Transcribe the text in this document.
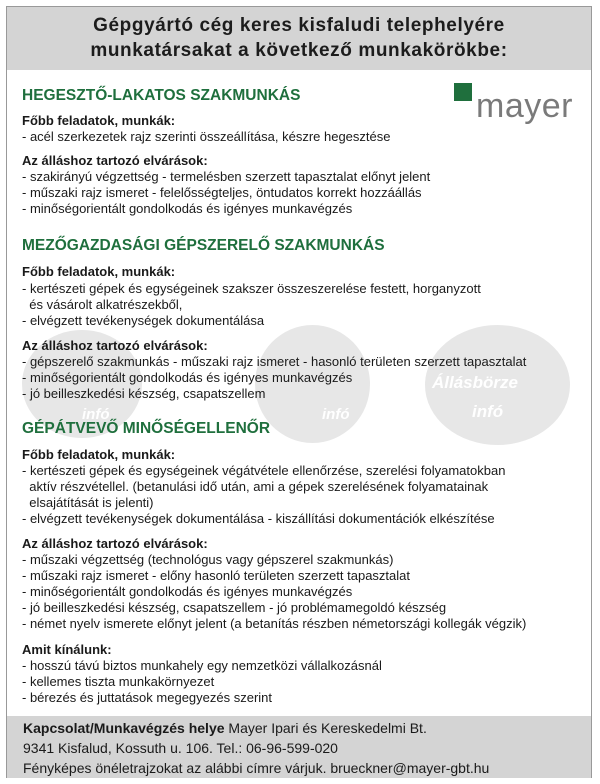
Gépgyártó cég keres kisfaludi telephelyére
munkatársakat a következő munkakörökbe:
Állásbörze
infó
infó	infó
mayer
HEGESZTŐ-LAKATOS SZAKMUNKÁS
Főbb feladatok, munkák:
- acél szerkezetek rajz szerinti összeállítása, készre hegesztése
Az álláshoz tartozó elvárások:
- szakirányú végzettség - termelésben szerzett tapasztalat előnyt jelent
- műszaki rajz ismeret - felelősségteljes, öntudatos korrekt hozzáállás
- minőségorientált gondolkodás és igényes munkavégzés
MEZŐGAZDASÁGI GÉPSZERELŐ SZAKMUNKÁS
Főbb feladatok, munkák:
- kertészeti gépek és egységeinek szakszer összeszerelése festett, horganyzott
és vásárolt alkatrészekből,
- elvégzett tevékenységek dokumentálása
Az álláshoz tartozó elvárások:
- gépszerelő szakmunkás - műszaki rajz ismeret - hasonló területen szerzett tapasztalat
- minőségorientált gondolkodás és igényes munkavégzés
- jó beilleszkedési készség, csapatszellem
GÉPÁTVEVŐ MINŐSÉGELLENŐR
Főbb feladatok, munkák:
- kertészeti gépek és egységeinek végátvétele ellenőrzése, szerelési folyamatokban
aktív részvétellel. (betanulási idő után, ami a gépek szerelésének folyamatainak
elsajátítását is jelenti)
- elvégzett tevékenységek dokumentálása - kiszállítási dokumentációk elkészítése
Az álláshoz tartozó elvárások:
- műszaki végzettség (technológus vagy gépszerel szakmunkás)
- műszaki rajz ismeret - előny hasonló területen szerzett tapasztalat
- minőségorientált gondolkodás és igényes munkavégzés
- jó beilleszkedési készség, csapatszellem - jó problémamegoldó készség
- német nyelv ismerete előnyt jelent (a betanítás részben németországi kollegák végzik)
Amit kínálunk:
- hosszú távú biztos munkahely egy nemzetközi vállalkozásnál
- kellemes tiszta munkakörnyezet
- bérezés és juttatások megegyezés szerint
Kapcsolat/Munkavégzés helye Mayer Ipari és Kereskedelmi Bt.
9341 Kisfalud, Kossuth u. 106. Tel.: 06-96-599-020
Fényképes önéletrajzokat az alábbi címre várjuk. brueckner@mayer-gbt.hu
